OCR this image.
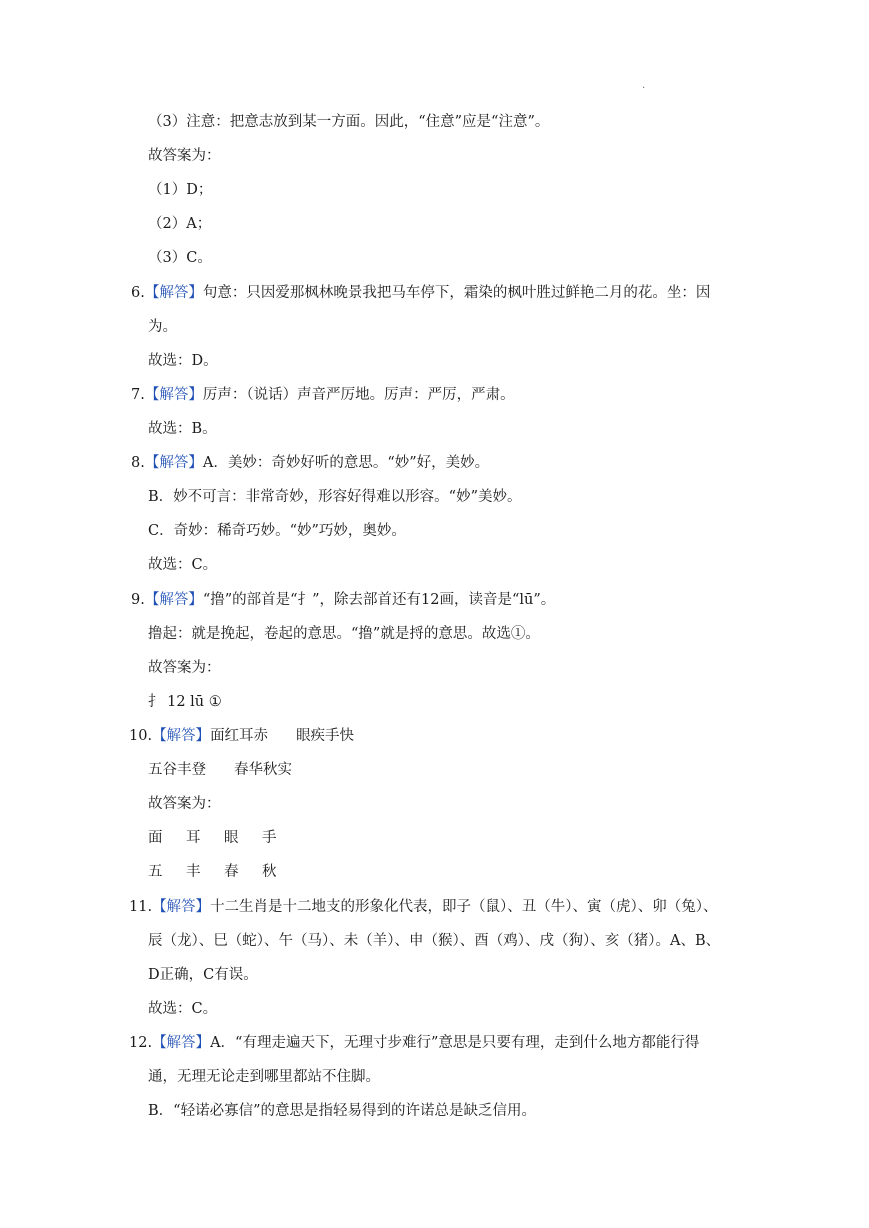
.
（3）注意：把意志放到某一方面。因此，“住意”应是“注意”。
故答案为：
（1）D；
（2）A；
（3）C。
6.【解答】句意：只因爱那枫林晚景我把马车停下，霜染的枫叶胜过鲜艳二月的花。坐：因
为。
故选：D。
7.【解答】厉声：（说话）声音严厉地。厉声：严厉，严肃。
故选：B。
8.【解答】A．美妙：奇妙好听的意思。“妙”好，美妙。
B．妙不可言：非常奇妙，形容好得难以形容。“妙”美妙。
C．奇妙：稀奇巧妙。“妙”巧妙，奥妙。
故选：C。
9.【解答】“撸”的部首是“扌”，除去部首还有12画，读音是“lū”。
撸起：就是挽起，卷起的意思。“撸”就是捋的意思。故选①。
故答案为：
扌 12 lū ①
10.【解答】面红耳赤 眼疾手快
五谷丰登 春华秋实
故答案为：
面 耳 眼 手
五 丰 春 秋
11.【解答】十二生肖是十二地支的形象化代表，即子（鼠）、丑（牛）、寅（虎）、卯（兔）、
辰（龙）、巳（蛇）、午（马）、未（羊）、申（猴）、酉（鸡）、戌（狗）、亥（猪）。A、B、
D正确，C有误。
故选：C。
12.【解答】A．“有理走遍天下，无理寸步难行”意思是只要有理，走到什么地方都能行得
通，无理无论走到哪里都站不住脚。
B．“轻诺必寡信”的意思是指轻易得到的许诺总是缺乏信用。
